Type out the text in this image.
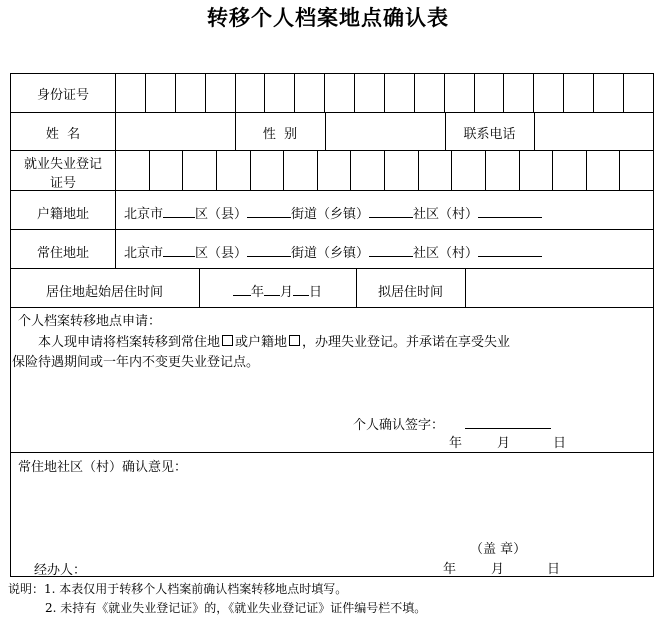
转移个人档案地点确认表
身份证号

姓  名	性  别	联系电话
就业失业登记
证号

户籍地址	北京市 区（县）	街道（乡镇）	社区（村）
常住地址	北京市 区（县）	街道（乡镇）	社区（村）
居住地起始居住时间	年 月 日	拟居住时间
个人档案转移地点申请：
本人现申请将档案转移到常住地 或户籍地 ，办理失业登记。并承诺在享受失业
保险待遇期间或一年内不变更失业登记点。
个人确认签字：
年	月	日
常住地社区（村）确认意见：
（盖 章）
经办人：	年	月	日
说明：1. 本表仅用于转移个人档案前确认档案转移地点时填写。
2. 未持有《就业失业登记证》的，《就业失业登记证》证件编号栏不填。
